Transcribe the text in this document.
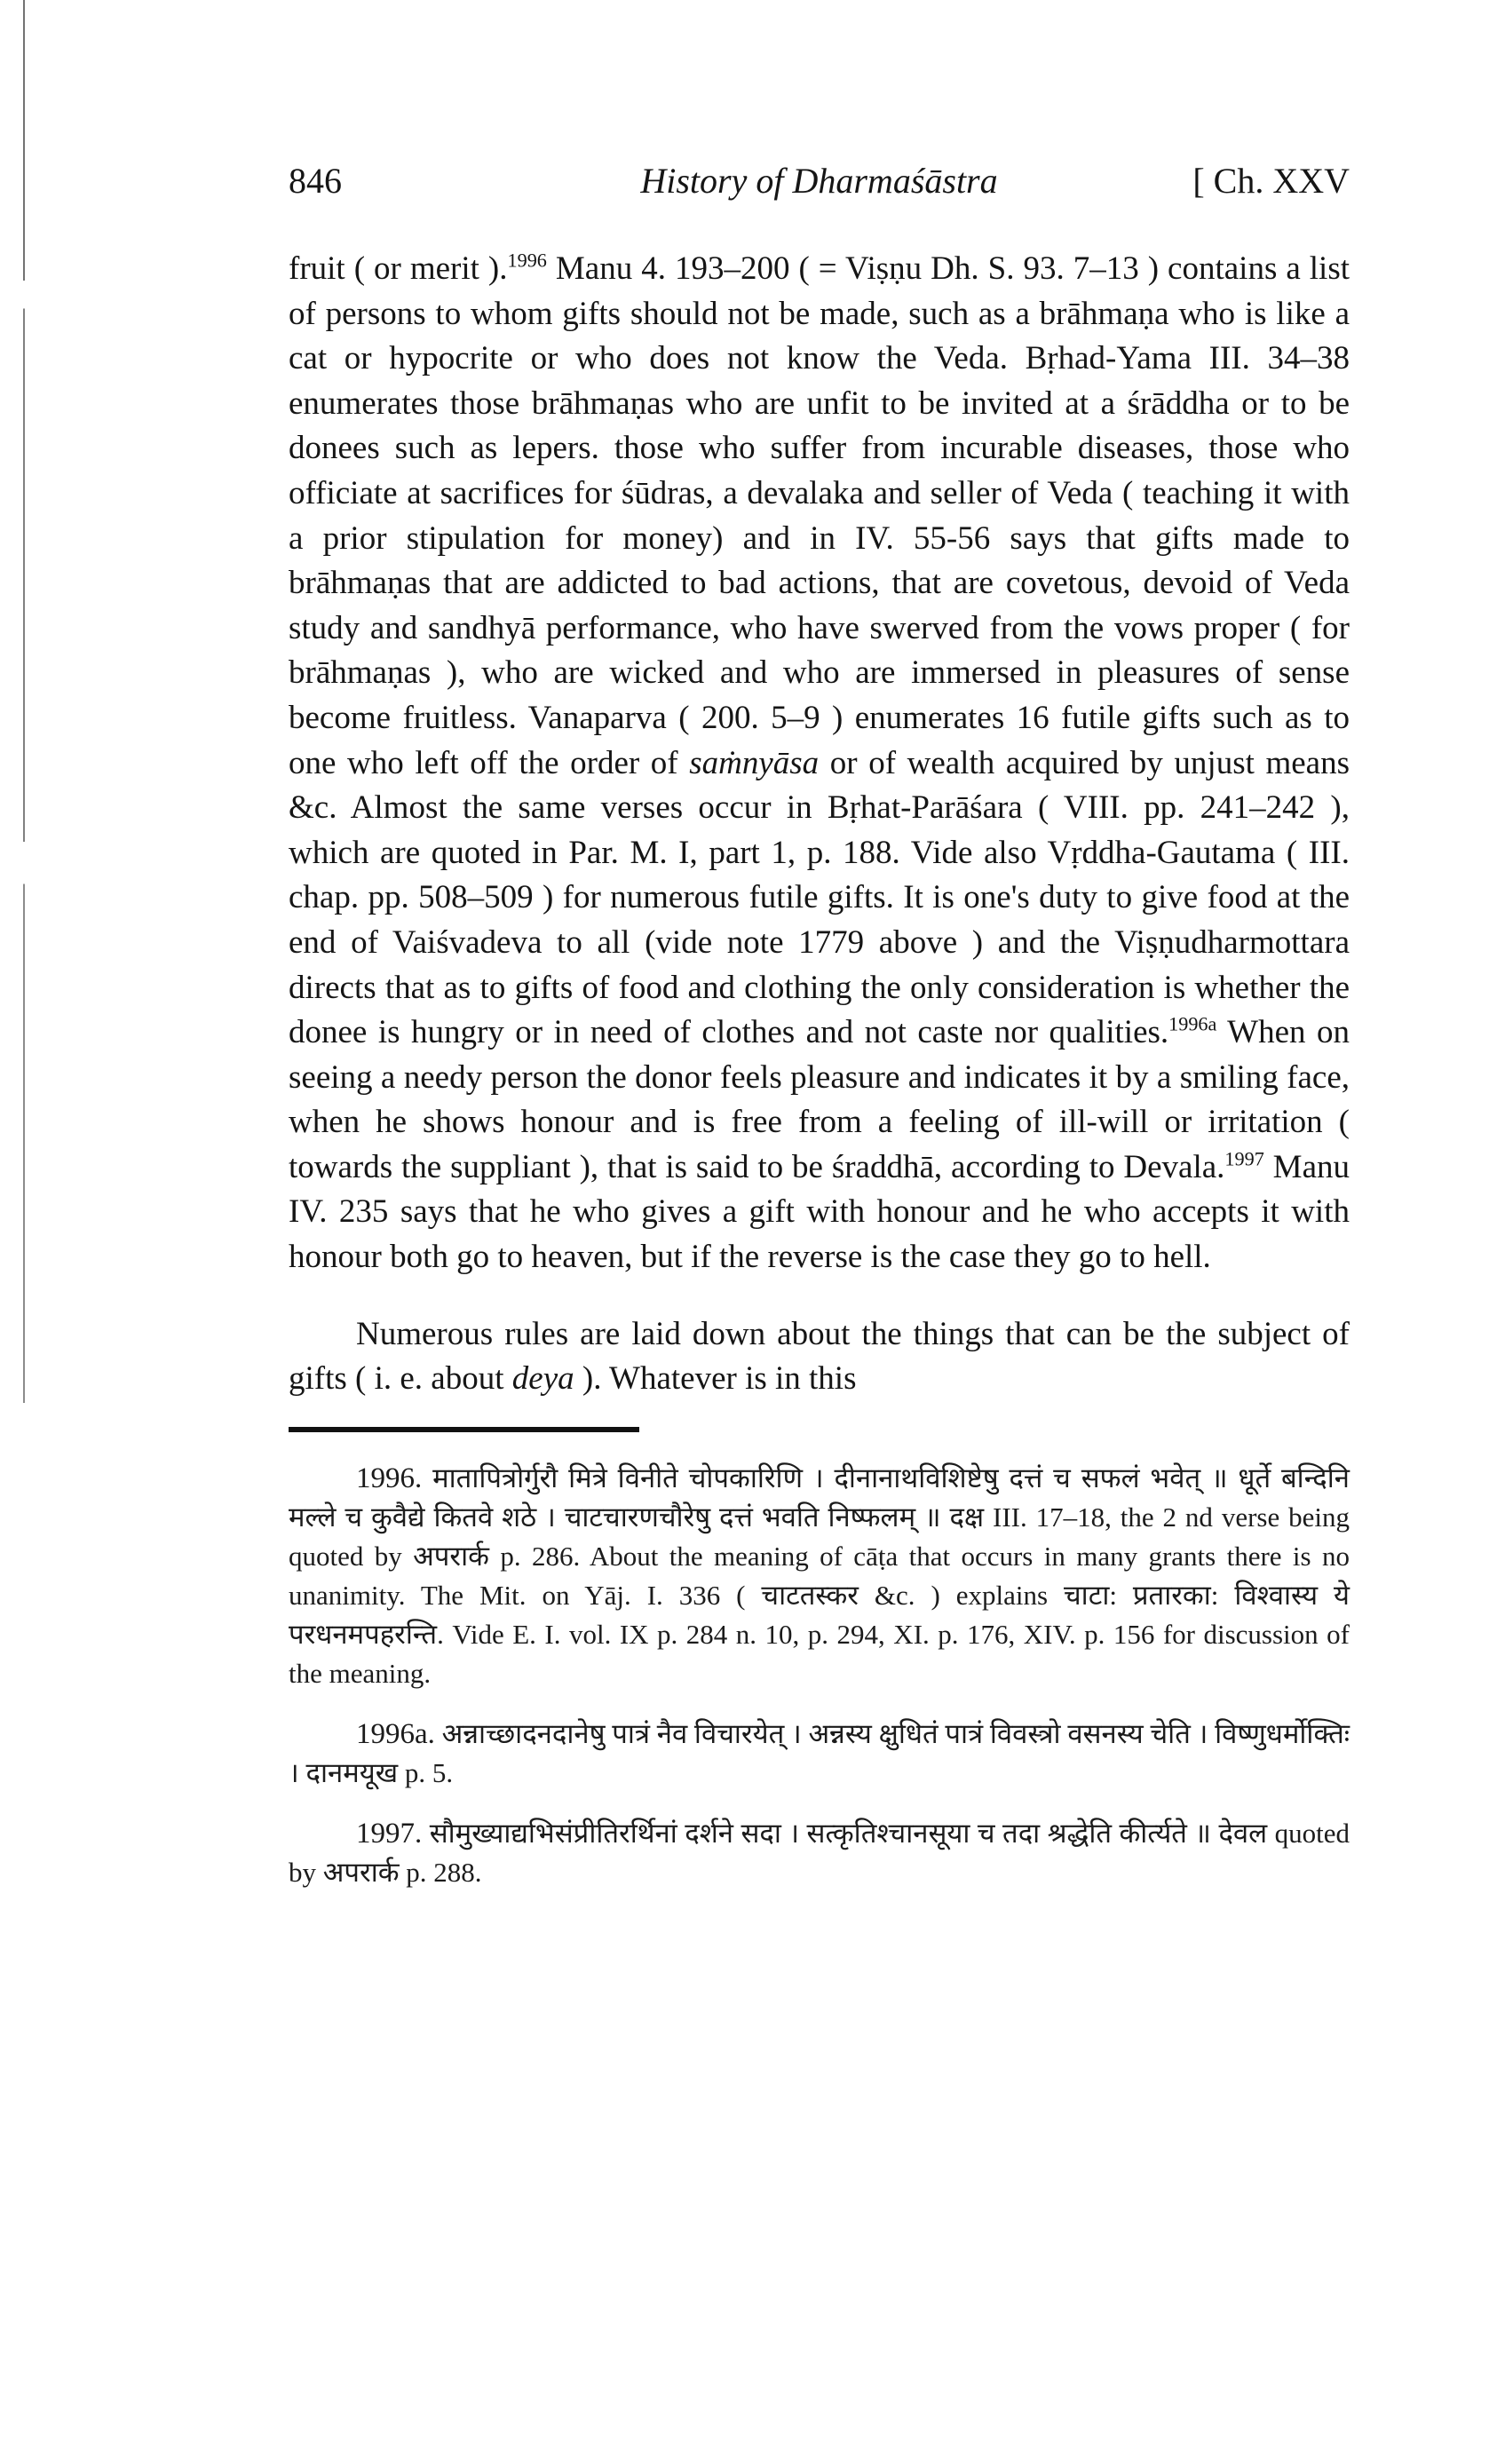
846	History of Dharmaśāstra	[ Ch. XXV

fruit ( or merit ).$^{1996}$ Manu 4. 193–200 ( = Viṣṇu Dh. S. 93. 7–13 ) contains a list of persons to whom gifts should not be made, such as a brāhmaṇa who is like a cat or hypocrite or who does not know the Veda. Bṛhad-Yama III. 34–38 enumerates those brāhmaṇas who are unfit to be invited at a śrāddha or to be donees such as lepers. those who suffer from incurable diseases, those who officiate at sacrifices for śūdras, a devalaka and seller of Veda ( teaching it with a prior stipulation for money) and in IV. 55-56 says that gifts made to brāhmaṇas that are addicted to bad actions, that are covetous, devoid of Veda study and sandhyā performance, who have swerved from the vows proper ( for brāhmaṇas ), who are wicked and who are immersed in pleasures of sense become fruitless. Vanaparva ( 200. 5–9 ) enumerates 16 futile gifts such as to one who left off the order of saṁnyāsa or of wealth acquired by unjust means &c. Almost the same verses occur in Bṛhat-Parāśara ( VIII. pp. 241–242 ), which are quoted in Par. M. I, part 1, p. 188. Vide also Vṛddha-Gautama ( III. chap. pp. 508–509 ) for numerous futile gifts. It is one's duty to give food at the end of Vaiśvadeva to all (vide note 1779 above ) and the Viṣṇudharmottara directs that as to gifts of food and clothing the only consideration is whether the donee is hungry or in need of clothes and not caste nor qualities.$^{1996a}$ When on seeing a needy person the donor feels pleasure and indicates it by a smiling face, when he shows honour and is free from a feeling of ill-will or irritation ( towards the suppliant ), that is said to be śraddhā, according to Devala.$^{1997}$ Manu IV. 235 says that he who gives a gift with honour and he who accepts it with honour both go to heaven, but if the reverse is the case they go to hell.

Numerous rules are laid down about the things that can be the subject of gifts ( i. e. about deya ). Whatever is in this

1996. मातापित्रोर्गुरौ मित्रे विनीते चोपकारिणि । दीनानाथविशिष्टेषु दत्तं च सफलं भवेत् ॥ धूर्ते बन्दिनि मल्ले च कुवैद्ये कितवे शठे । चाटचारणचौरेषु दत्तं भवति निष्फलम् ॥ दक्ष III. 17–18, the 2 nd verse being quoted by अपरार्क p. 286. About the meaning of cāṭa that occurs in many grants there is no unanimity. The Mit. on Yāj. I. 336 ( चाटतस्कर &c. ) explains चाटा: प्रतारका: विश्वास्य ये परधनमपहरन्ति. Vide E. I. vol. IX p. 284 n. 10, p. 294, XI. p. 176, XIV. p. 156 for discussion of the meaning.

1996a. अन्नाच्छादनदानेषु पात्रं नैव विचारयेत् । अन्नस्य क्षुधितं पात्रं विवस्त्रो वसनस्य चेति । विष्णुधर्मोक्तिः । दानमयूख p. 5.

1997. सौमुख्याद्यभिसंप्रीतिरर्थिनां दर्शने सदा । सत्कृतिश्चानसूया च तदा श्रद्धेति कीर्त्यते ॥ देवल quoted by अपरार्क p. 288.
